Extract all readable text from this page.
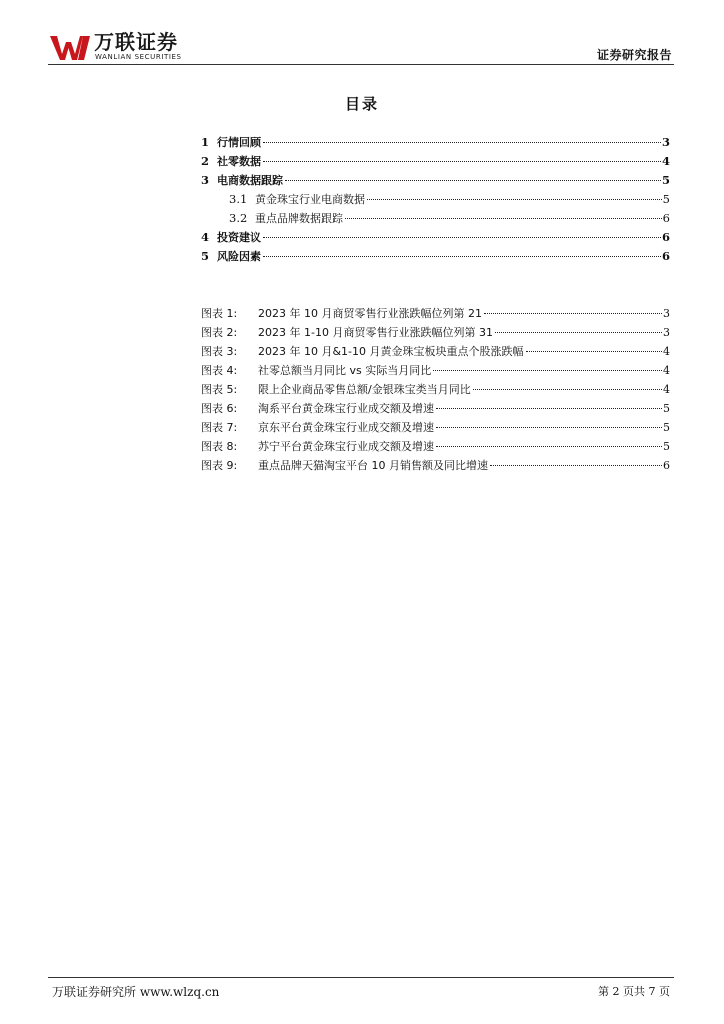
万联证券
WANLIAN SECURITIES	证券研究报告
目录
1 行情回顾	3
2 社零数据	4
3 电商数据跟踪	5
3.1 黄金珠宝行业电商数据	5
3.2 重点品牌数据跟踪	6
4 投资建议	6
5 风险因素	6
图表 1:	2023 年 10 月商贸零售行业涨跌幅位列第 21	3
图表 2:	2023 年 1-10 月商贸零售行业涨跌幅位列第 31	3
图表 3:	2023 年 10 月&1-10 月黄金珠宝板块重点个股涨跌幅	4
图表 4:	社零总额当月同比 vs 实际当月同比	4
图表 5:	限上企业商品零售总额/金银珠宝类当月同比	4
图表 6:	淘系平台黄金珠宝行业成交额及增速	5
图表 7:	京东平台黄金珠宝行业成交额及增速	5
图表 8:	苏宁平台黄金珠宝行业成交额及增速	5
图表 9:	重点品牌天猫淘宝平台 10 月销售额及同比增速	6
万联证券研究所 www.wlzq.cn	第 2 页共 7 页
